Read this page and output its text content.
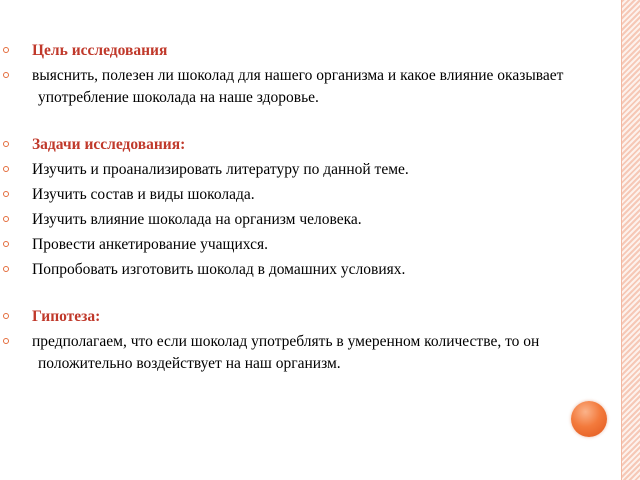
Цель исследования
выяснить, полезен ли шоколад для нашего организма и какое влияние оказывает употребление шоколада на наше здоровье.
Задачи исследования:
Изучить и проанализировать литературу по данной теме.
Изучить состав и виды шоколада.
Изучить влияние шоколада на организм человека.
Провести анкетирование учащихся.
Попробовать изготовить шоколад в домашних условиях.
Гипотеза:
предполагаем, что если шоколад употреблять в умеренном количестве, то он положительно воздействует на наш организм.
